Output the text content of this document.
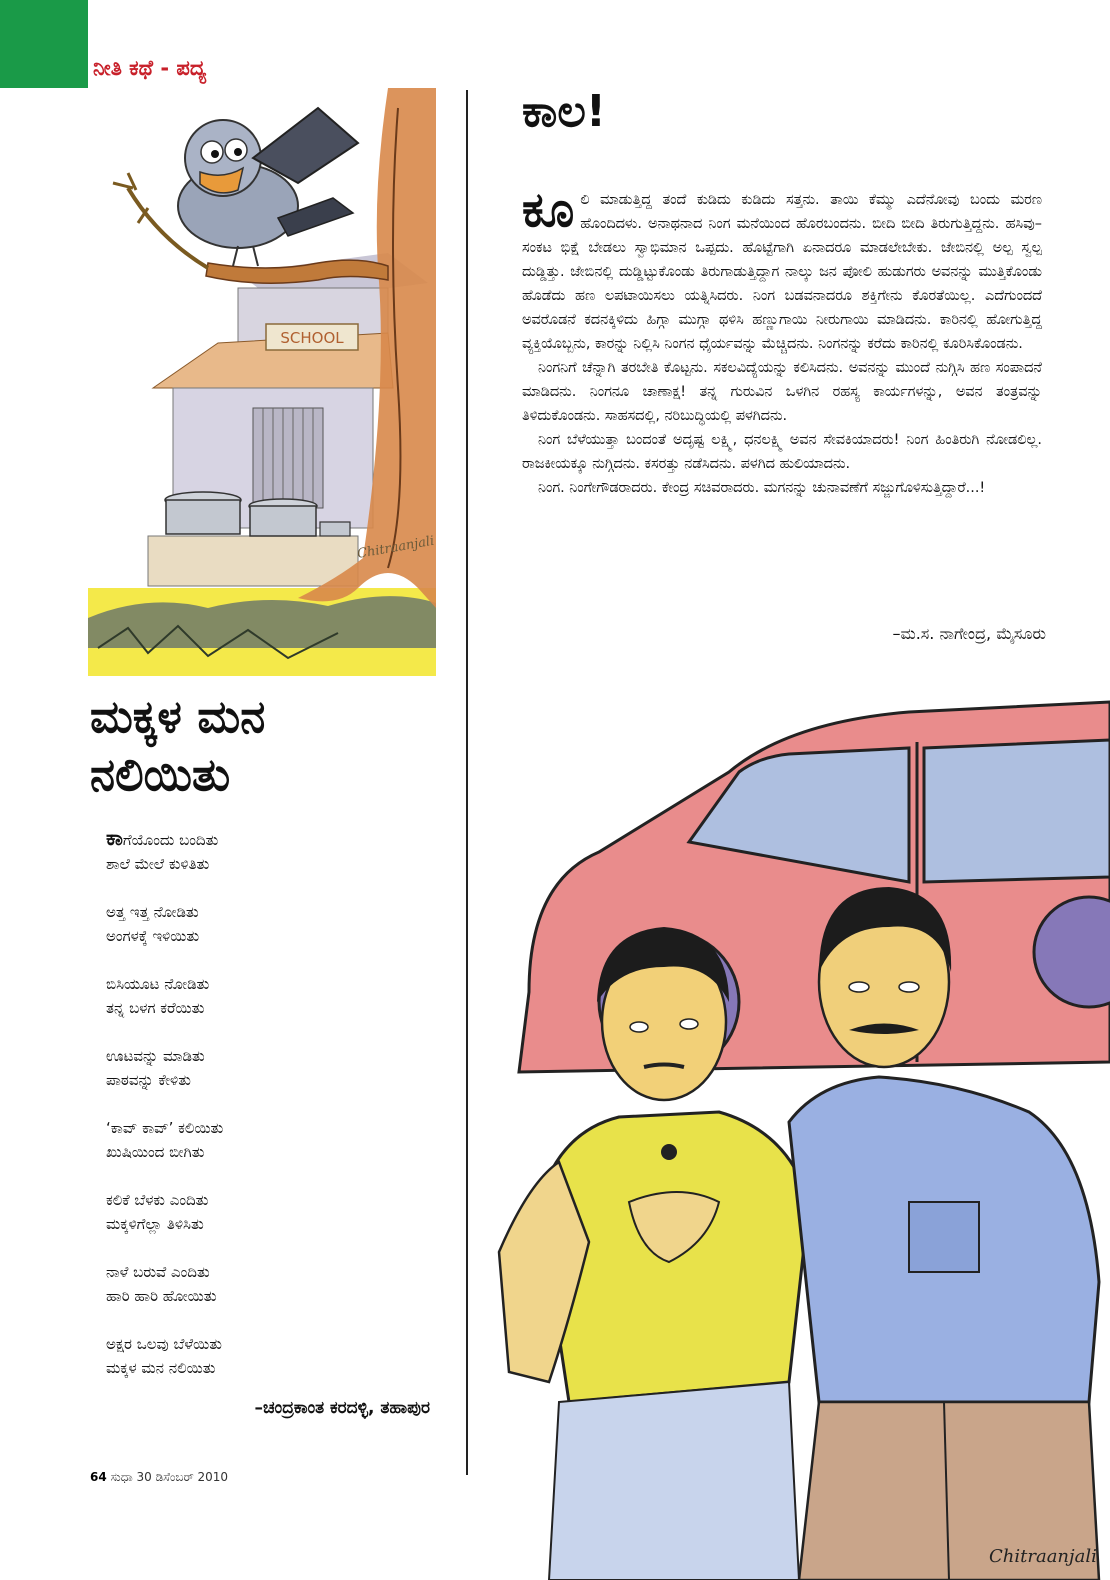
ನೀತಿ ಕಥೆ - ಪದ್ಯ
SCHOOL
Chitraanjali
ಮಕ್ಕಳ ಮನ
ನಲಿಯಿತು
ಕಾಗೆಯೊಂದು ಬಂದಿತು
ಶಾಲೆ ಮೇಲೆ ಕುಳಿತಿತು
ಅತ್ತ ಇತ್ತ ನೋಡಿತು
ಅಂಗಳಕ್ಕೆ ಇಳಿಯಿತು
ಬಿಸಿಯೂಟ ನೋಡಿತು
ತನ್ನ ಬಳಗ ಕರೆಯಿತು
ಊಟವನ್ನು ಮಾಡಿತು
ಪಾಠವನ್ನು ಕೇಳಿತು
‘ಕಾವ್ ಕಾವ್’ ಕಲಿಯಿತು
ಖುಷಿಯಿಂದ ಬೀಗಿತು
ಕಲಿಕೆ ಬೆಳಕು ಎಂದಿತು
ಮಕ್ಕಳಿಗೆಲ್ಲಾ ತಿಳಿಸಿತು
ನಾಳೆ ಬರುವೆ ಎಂದಿತು
ಹಾರಿ ಹಾರಿ ಹೋಯಿತು
ಅಕ್ಷರ ಒಲವು ಬೆಳೆಯಿತು
ಮಕ್ಕಳ ಮನ ನಲಿಯಿತು
–ಚಂದ್ರಕಾಂತ ಕರದಳ್ಳಿ, ತಹಾಪುರ
ಕಾಲ!

ಕೂಲಿ ಮಾಡುತ್ತಿದ್ದ ತಂದೆ ಕುಡಿದು ಕುಡಿದು ಸತ್ತನು. ತಾಯಿ ಕೆಮ್ಮು ಎದೆನೋವು ಬಂದು ಮರಣ ಹೊಂದಿದಳು. ಅನಾಥನಾದ ನಿಂಗ ಮನೆಯಿಂದ ಹೊರಬಂದನು. ಬೀದಿ ಬೀದಿ ತಿರುಗುತ್ತಿದ್ದನು. ಹಸಿವು–ಸಂಕಟ ಭಿಕ್ಷೆ ಬೇಡಲು ಸ್ವಾಭಿಮಾನ ಒಪ್ಪದು. ಹೊಟ್ಟೆಗಾಗಿ ಏನಾದರೂ ಮಾಡಲೇಬೇಕು. ಜೇಬಿನಲ್ಲಿ ಅಲ್ಪ ಸ್ವಲ್ಪ ದುಡ್ಡಿತ್ತು. ಜೇಬಿನಲ್ಲಿ ದುಡ್ಡಿಟ್ಟುಕೊಂಡು ತಿರುಗಾಡುತ್ತಿದ್ದಾಗ ನಾಲ್ಕು ಜನ ಪೋಲಿ ಹುಡುಗರು ಅವನನ್ನು ಮುತ್ತಿಕೊಂಡು ಹೊಡೆದು ಹಣ ಲಪಟಾಯಿಸಲು ಯತ್ನಿಸಿದರು. ನಿಂಗ ಬಡವನಾದರೂ ಶಕ್ತಿಗೇನು ಕೊರತೆಯಿಲ್ಲ. ಎದೆಗುಂದದೆ ಅವರೊಡನೆ ಕದನಕ್ಕಿಳಿದು ಹಿಗ್ಗಾ ಮುಗ್ಗಾ ಥಳಿಸಿ ಹಣ್ಣುಗಾಯಿ ನೀರುಗಾಯಿ ಮಾಡಿದನು. ಕಾರಿನಲ್ಲಿ ಹೋಗುತ್ತಿದ್ದ ವ್ಯಕ್ತಿಯೊಬ್ಬನು, ಕಾರನ್ನು ನಿಲ್ಲಿಸಿ ನಿಂಗನ ಧೈರ್ಯವನ್ನು ಮೆಚ್ಚಿದನು. ನಿಂಗನನ್ನು ಕರೆದು ಕಾರಿನಲ್ಲಿ ಕೂರಿಸಿಕೊಂಡನು.

ನಿಂಗನಿಗೆ ಚೆನ್ನಾಗಿ ತರಬೇತಿ ಕೊಟ್ಟನು. ಸಕಲವಿದ್ಯೆಯನ್ನು ಕಲಿಸಿದನು. ಅವನನ್ನು ಮುಂದೆ ನುಗ್ಗಿಸಿ ಹಣ ಸಂಪಾದನೆ ಮಾಡಿದನು. ನಿಂಗನೂ ಚಾಣಾಕ್ಷ! ತನ್ನ ಗುರುವಿನ ಒಳಗಿನ ರಹಸ್ಯ ಕಾರ್ಯಗಳನ್ನು, ಅವನ ತಂತ್ರವನ್ನು ತಿಳಿದುಕೊಂಡನು. ಸಾಹಸದಲ್ಲಿ, ನರಿಬುದ್ಧಿಯಲ್ಲಿ ಪಳಗಿದನು.

ನಿಂಗ ಬೆಳೆಯುತ್ತಾ ಬಂದಂತೆ ಅದೃಷ್ಟ ಲಕ್ಷ್ಮಿ, ಧನಲಕ್ಷ್ಮಿ ಅವನ ಸೇವಕಿಯಾದರು! ನಿಂಗ ಹಿಂತಿರುಗಿ ನೋಡಲಿಲ್ಲ. ರಾಜಕೀಯಕ್ಕೂ ನುಗ್ಗಿದನು. ಕಸರತ್ತು ನಡೆಸಿದನು. ಪಳಗಿದ ಹುಲಿಯಾದನು.

ನಿಂಗ. ನಿಂಗೇಗೌಡರಾದರು. ಕೇಂದ್ರ ಸಚಿವರಾದರು. ಮಗನನ್ನು ಚುನಾವಣೆಗೆ ಸಜ್ಜುಗೊಳಿಸುತ್ತಿದ್ದಾರೆ...!

–ಮ.ಸ. ನಾಗೇಂದ್ರ, ಮೈಸೂರು
Chitraanjali
64 ಸುಧಾ 30 ಡಿಸೆಂಬರ್ 2010
